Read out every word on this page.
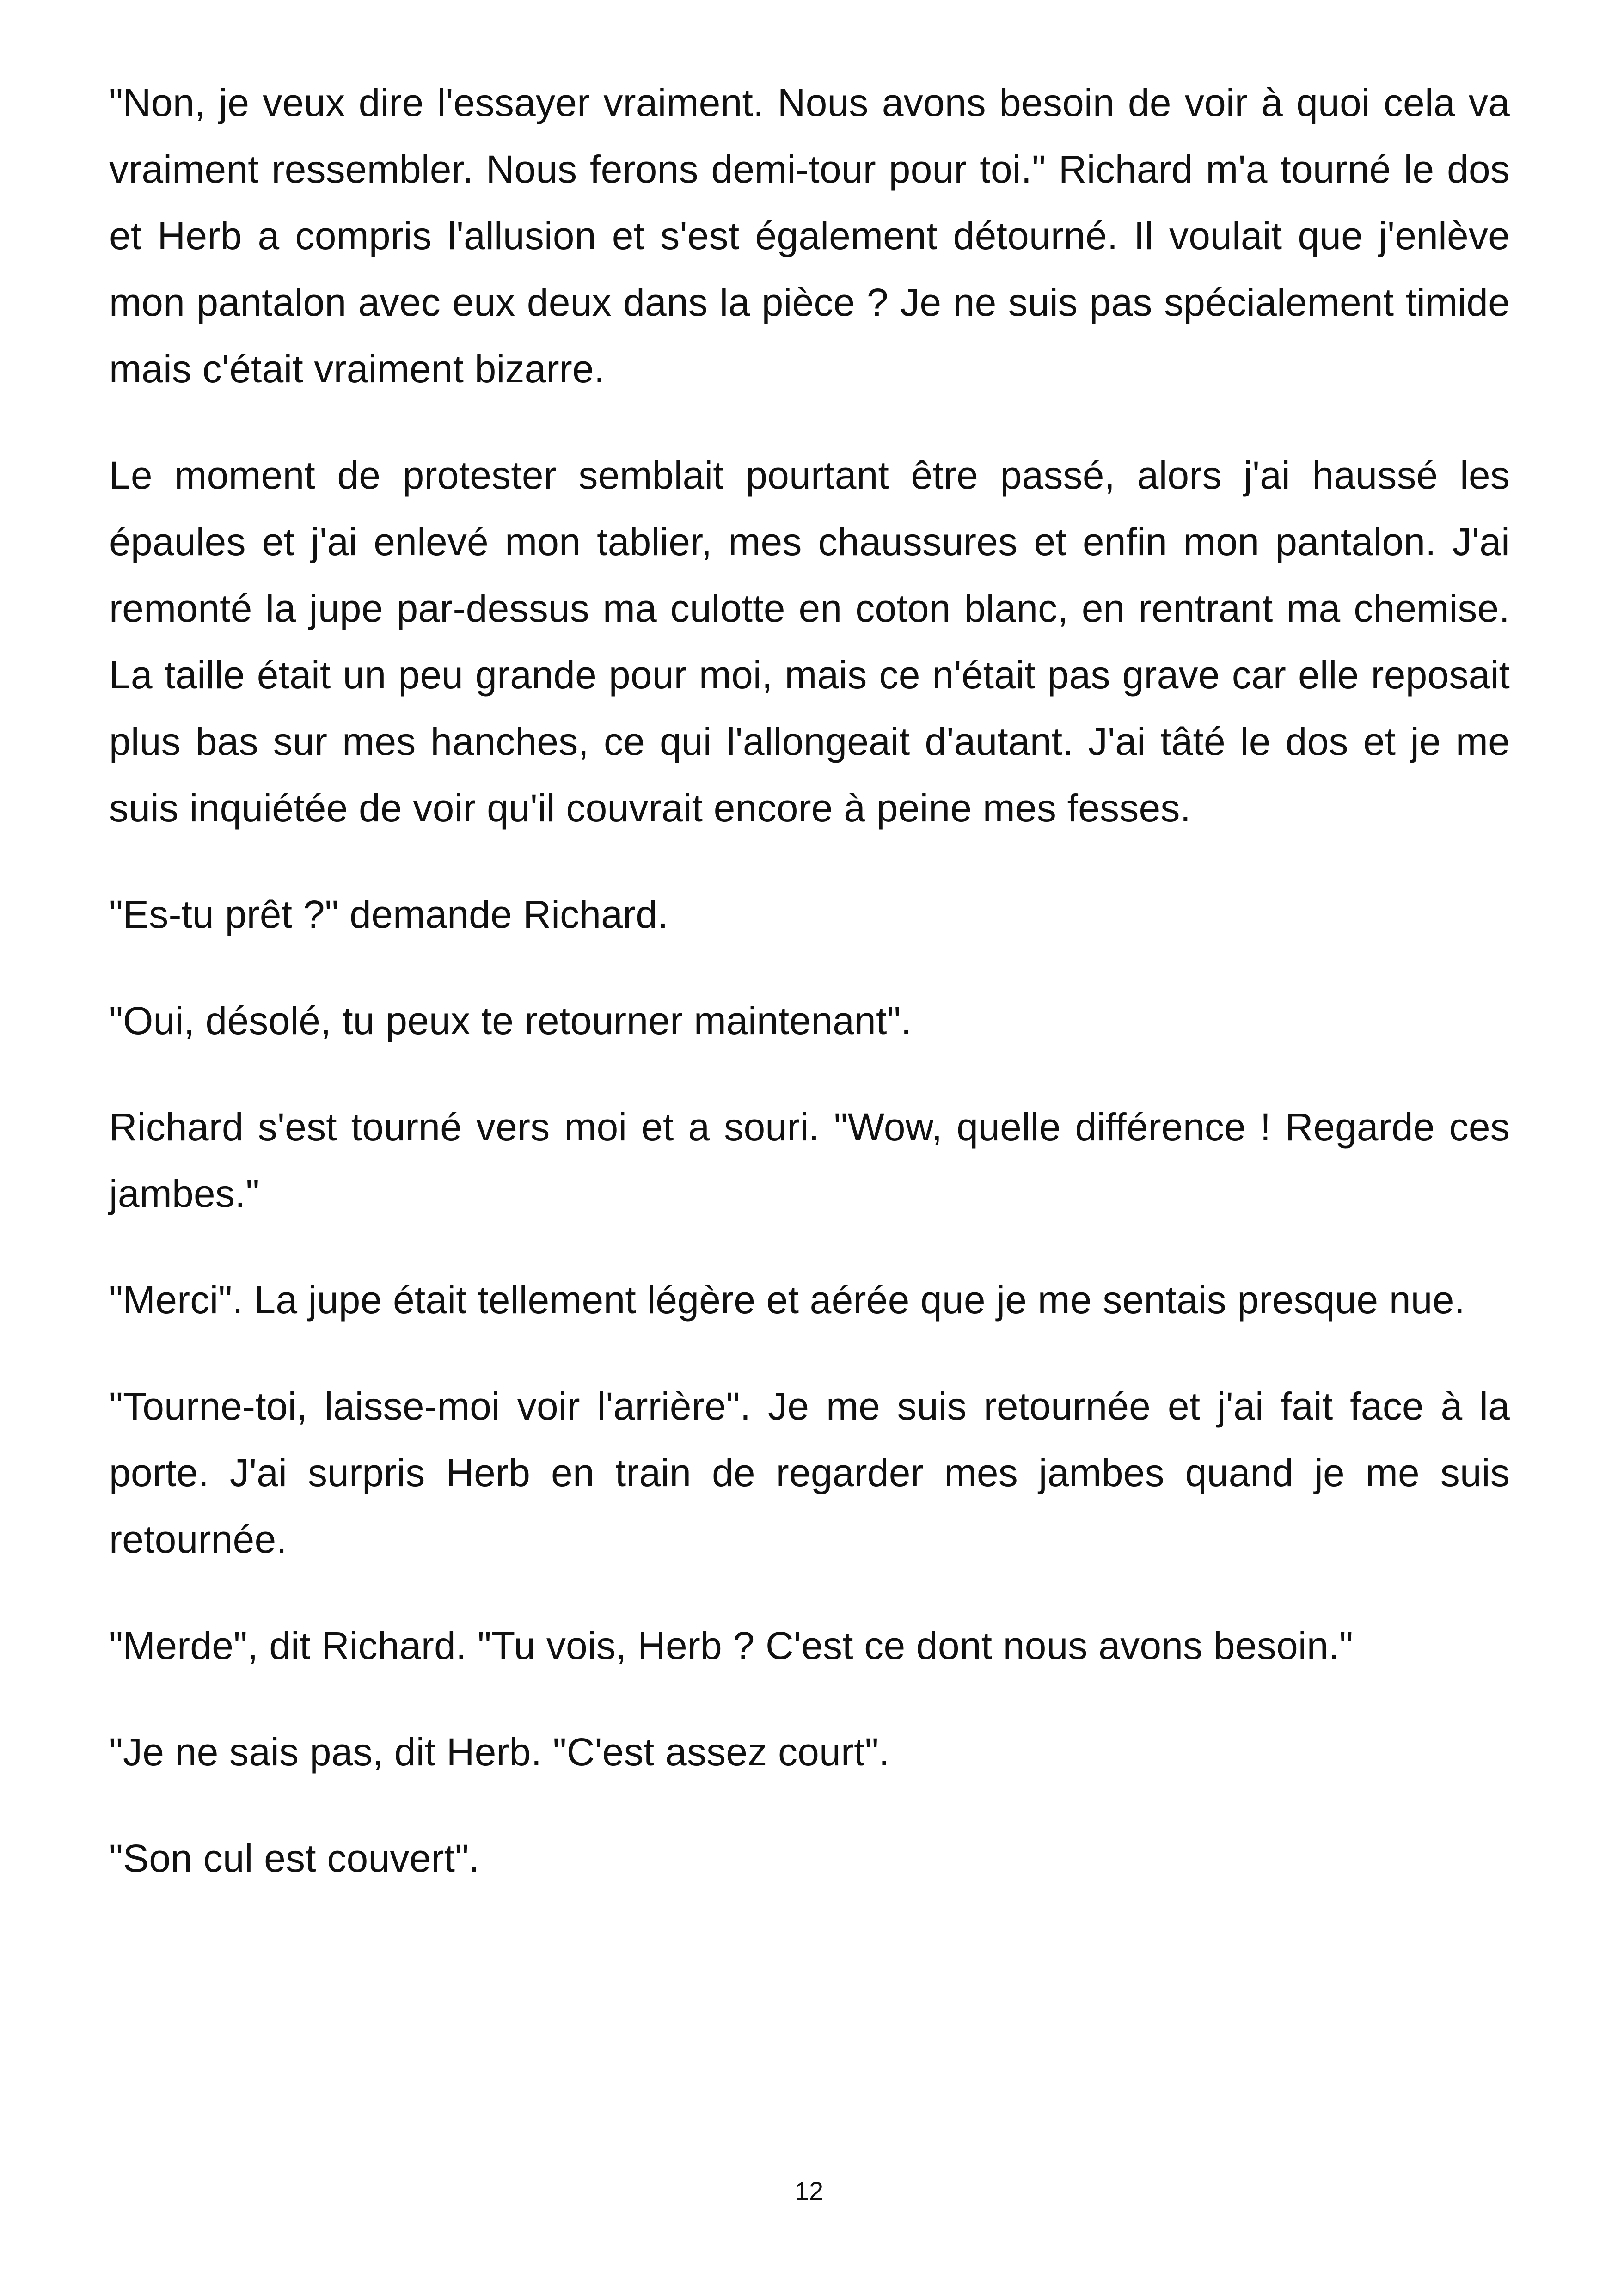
"Non, je veux dire l'essayer vraiment. Nous avons besoin de voir à quoi cela va vraiment ressembler. Nous ferons demi-tour pour toi." Richard m'a tourné le dos et Herb a compris l'allusion et s'est également détourné. Il voulait que j'enlève mon pantalon avec eux deux dans la pièce ? Je ne suis pas spécialement timide mais c'était vraiment bizarre.

Le moment de protester semblait pourtant être passé, alors j'ai haussé les épaules et j'ai enlevé mon tablier, mes chaussures et enfin mon pantalon. J'ai remonté la jupe par-dessus ma culotte en coton blanc, en rentrant ma chemise. La taille était un peu grande pour moi, mais ce n'était pas grave car elle reposait plus bas sur mes hanches, ce qui l'allongeait d'autant. J'ai tâté le dos et je me suis inquiétée de voir qu'il couvrait encore à peine mes fesses.

"Es-tu prêt ?" demande Richard.

"Oui, désolé, tu peux te retourner maintenant".

Richard s'est tourné vers moi et a souri. "Wow, quelle différence ! Regarde ces jambes."

"Merci". La jupe était tellement légère et aérée que je me sentais presque nue.

"Tourne-toi, laisse-moi voir l'arrière". Je me suis retournée et j'ai fait face à la porte. J'ai surpris Herb en train de regarder mes jambes quand je me suis retournée.

"Merde", dit Richard. "Tu vois, Herb ? C'est ce dont nous avons besoin."

"Je ne sais pas, dit Herb. "C'est assez court".

"Son cul est couvert".

12
